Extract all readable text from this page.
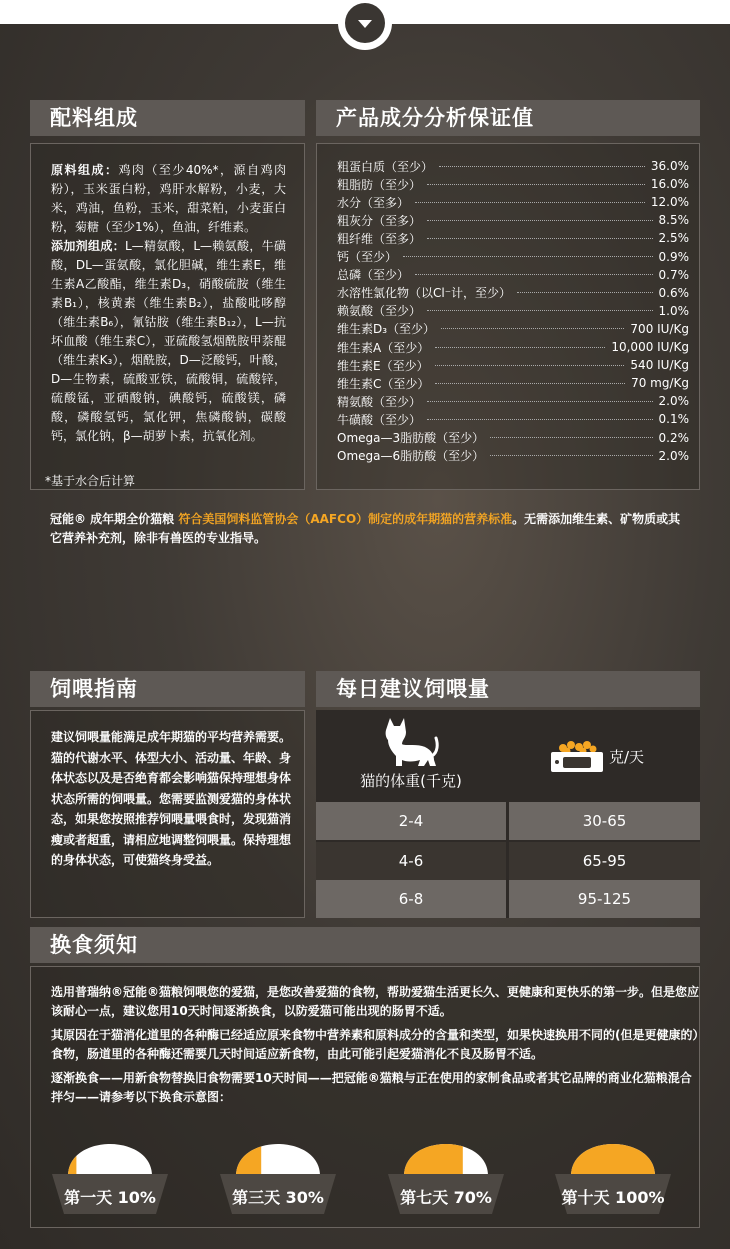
配料组成

原料组成：鸡肉（至少40%*，源自鸡肉粉），玉米蛋白粉，鸡肝水解粉，小麦，大米，鸡油，鱼粉，玉米，甜菜粕，小麦蛋白粉，菊糖（至少1%），鱼油，纤维素。

添加剂组成：L—精氨酸，L—赖氨酸，牛磺酸，DL—蛋氨酸，氯化胆碱，维生素E，维生素A乙酸酯，维生素D₃，硝酸硫胺（维生素B₁），核黄素（维生素B₂），盐酸吡哆醇（维生素B₆），氰钴胺（维生素B₁₂），L—抗坏血酸（维生素C），亚硫酸氢烟酰胺甲萘醌（维生素K₃），烟酰胺，D—泛酸钙，叶酸，D—生物素，硫酸亚铁，硫酸铜，硫酸锌，硫酸锰，亚硒酸钠，碘酸钙，硫酸镁，磷酸，磷酸氢钙，氯化钾，焦磷酸钠，碳酸钙，氯化钠，β—胡萝卜素，抗氧化剂。

*基于水合后计算
产品成分分析保证值
粗蛋白质（至少）	36.0%
粗脂肪（至少）	16.0%
水分（至多）	12.0%
粗灰分（至多）	8.5%
粗纤维（至多）	2.5%
钙（至少）	0.9%
总磷（至少）	0.7%
水溶性氯化物（以Cl⁻计，至少）	0.6%
赖氨酸（至少）	1.0%
维生素D₃（至少）	700 IU/Kg
维生素A（至少）	10,000 IU/Kg
维生素E（至少）	540 IU/Kg
维生素C（至少）	70 mg/Kg
精氨酸（至少）	2.0%
牛磺酸（至少）	0.1%
Omega—3脂肪酸（至少）	0.2%
Omega—6脂肪酸（至少）	2.0%
冠能® 成年期全价猫粮 符合美国饲料监管协会（AAFCO）制定的成年期猫的营养标准。无需添加维生素、矿物质或其它营养补充剂，除非有兽医的专业指导。
饲喂指南
建议饲喂量能满足成年期猫的平均营养需要。猫的代谢水平、体型大小、活动量、年龄、身体状态以及是否绝育都会影响猫保持理想身体状态所需的饲喂量。您需要监测爱猫的身体状态，如果您按照推荐饲喂量喂食时，发现猫消瘦或者超重，请相应地调整饲喂量。保持理想的身体状态，可使猫终身受益。
每日建议饲喂量
猫的体重(千克)
克/天
2-4	30-65
4-6	65-95
6-8	95-125
换食须知

选用普瑞纳®冠能®猫粮饲喂您的爱猫，是您改善爱猫的食物，帮助爱猫生活更长久、更健康和更快乐的第一步。但是您应该耐心一点，建议您用10天时间逐渐换食，以防爱猫可能出现的肠胃不适。

其原因在于猫消化道里的各种酶已经适应原来食物中营养素和原料成分的含量和类型，如果快速换用不同的(但是更健康的）食物，肠道里的各种酶还需要几天时间适应新食物，由此可能引起爱猫消化不良及肠胃不适。

逐渐换食——用新食物替换旧食物需要10天时间——把冠能®猫粮与正在使用的家制食品或者其它品牌的商业化猫粮混合拌匀——请参考以下换食示意图：

第一天 10%	第三天 30%	第七天 70%	第十天 100%
